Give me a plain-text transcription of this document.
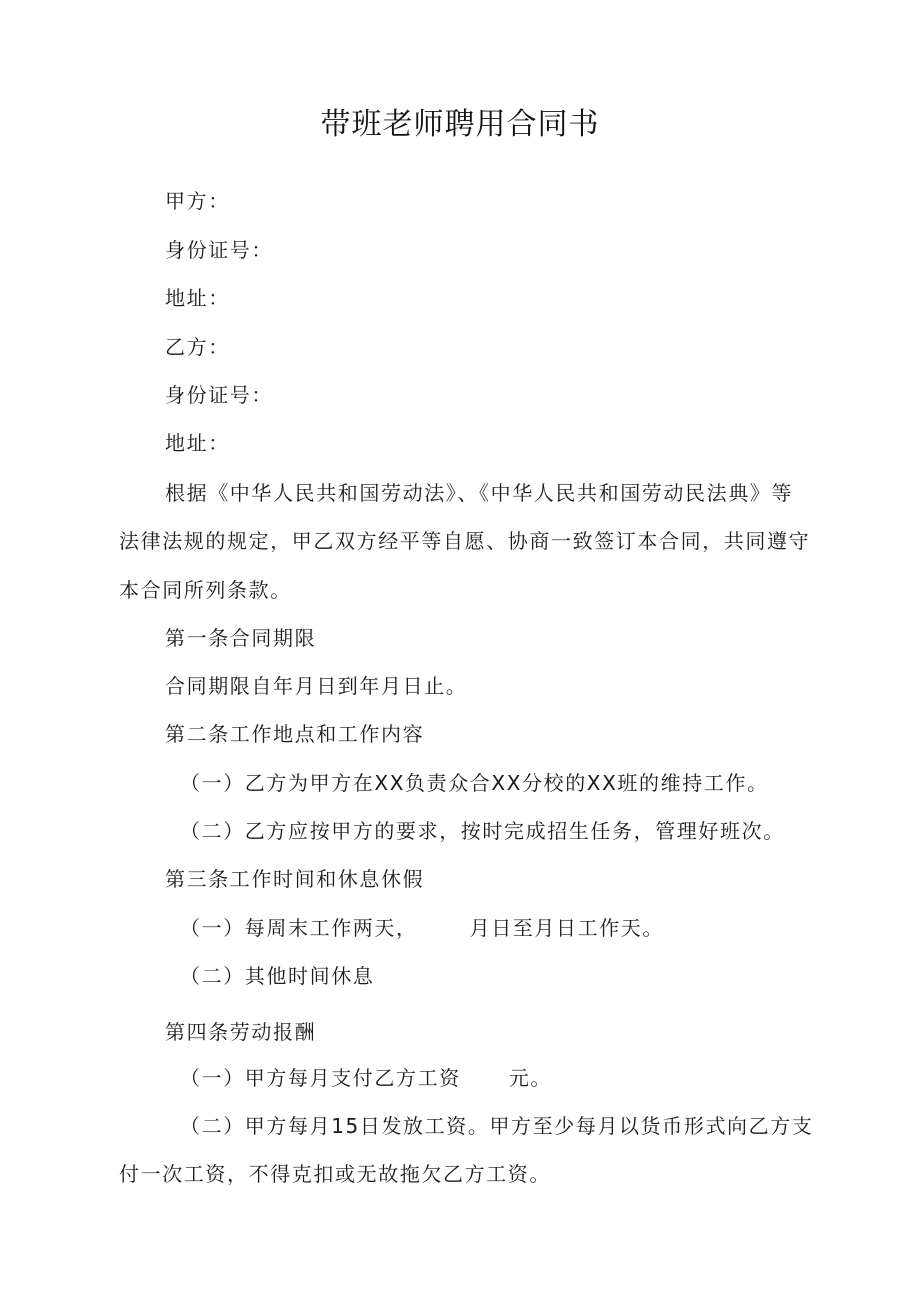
带班老师聘用合同书
甲方：
身份证号：
地址：
乙方：
身份证号：
地址：
根据《中华人民共和国劳动法》、《中华人民共和国劳动民法典》等
法律法规的规定，甲乙双方经平等自愿、协商一致签订本合同，共同遵守
本合同所列条款。
第一条合同期限
合同期限自年月日到年月日止。
第二条工作地点和工作内容
（一）乙方为甲方在XX负责众合XX分校的XX班的维持工作。
（二）乙方应按甲方的要求，按时完成招生任务，管理好班次。
第三条工作时间和休息休假
（一）每周末工作两天，	月日至月日工作天。
（二）其他时间休息
第四条劳动报酬
（一）甲方每月支付乙方工资 元。
（二）甲方每月15日发放工资。甲方至少每月以货币形式向乙方支
付一次工资，不得克扣或无故拖欠乙方工资。
